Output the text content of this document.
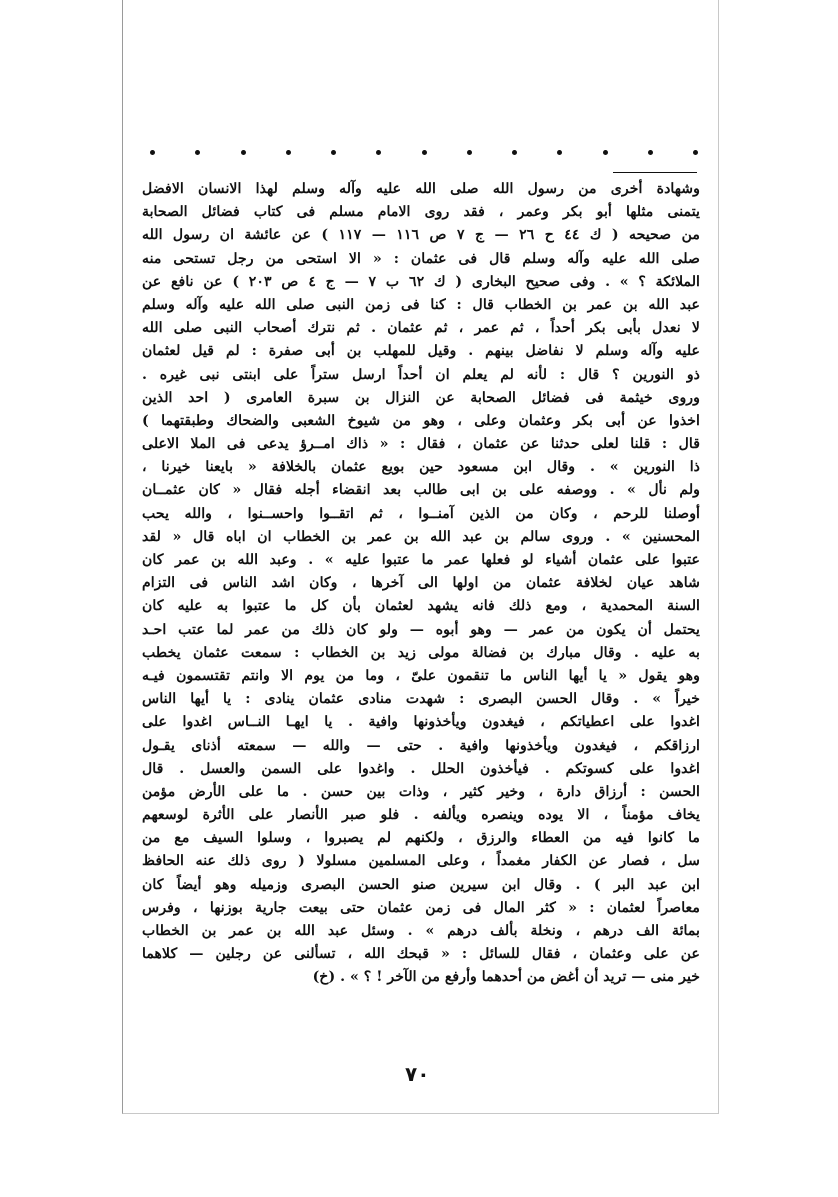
وشهادة أخرى من رسول الله صلى الله عليه وآله وسلم لهذا الانسان الافضل
يتمنى مثلها أبو بكر وعمر ، فقد روى الامام مسلم فى كتاب فضائل الصحابة
من صحيحه ( ك ٤٤ ح ٢٦ — ج ٧ ص ١١٦ — ١١٧ ) عن عائشة ان رسول الله
صلى الله عليه وآله وسلم قال فى عثمان : « الا استحى من رجل تستحى منه
الملائكة ؟ » . وفى صحيح البخارى ( ك ٦٢ ب ٧ — ج ٤ ص ٢٠٣ ) عن نافع عن
عبد الله بن عمر بن الخطاب قال : كنا فى زمن النبى صلى الله عليه وآله وسلم
لا نعدل بأبى بكر أحداً ، ثم عمر ، ثم عثمان . ثم نترك أصحاب النبى صلى الله
عليه وآله وسلم لا نفاضل بينهم . وقيل للمهلب بن أبى صفرة : لم قيل لعثمان
ذو النورين ؟ قال : لأنه لم يعلم ان أحداً ارسل ستراً على ابنتى نبى غيره .
وروى خيثمة فى فضائل الصحابة عن النزال بن سبرة العامرى ( احد الذين
اخذوا عن أبى بكر وعثمان وعلى ، وهو من شيوخ الشعبى والضحاك وطبقتهما )
قال : قلنا لعلى حدثنا عن عثمان ، فقال : « ذاك امــرؤ يدعى فى الملا الاعلى
ذا النورين » . وقال ابن مسعود حين بويع عثمان بالخلافة « بايعنا خيرنا ،
ولم نأل » . ووصفه على بن ابى طالب بعد انقضاء أجله فقال « كان عثمــان
أوصلنا للرحم ، وكان من الذين آمنــوا ، ثم اتقــوا واحســنوا ، والله يحب
المحسنين » . وروى سالم بن عبد الله بن عمر بن الخطاب ان اباه قال « لقد
عتبوا على عثمان أشياء لو فعلها عمر ما عتبوا عليه » . وعبد الله بن عمر كان
شاهد عيان لخلافة عثمان من اولها الى آخرها ، وكان اشد الناس فى التزام
السنة المحمدية ، ومع ذلك فانه يشهد لعثمان بأن كل ما عتبوا به عليه كان
يحتمل أن يكون من عمر — وهو أبوه — ولو كان ذلك من عمر لما عتب احـد
به عليه . وقال مبارك بن فضالة مولى زيد بن الخطاب : سمعت عثمان يخطب
وهو يقول « يا أيها الناس ما تنقمون علىّ ، وما من يوم الا وانتم تقتسمون فيـه
خيراً » . وقال الحسن البصرى : شهدت منادى عثمان ينادى : يا أيها الناس
اغدوا على اعطياتكم ، فيغدون ويأخذونها وافية . يا ايهـا النــاس اغدوا على
ارزاقكم ، فيغدون ويأخذونها وافية . حتى — والله — سمعته أذناى يقـول
اغدوا على كسوتكم . فيأخذون الحلل . واغدوا على السمن والعسل . قال
الحسن : أرزاق دارة ، وخير كثير ، وذات بين حسن . ما على الأرض مؤمن
يخاف مؤمناً ، الا يوده وينصره ويألفه . فلو صبر الأنصار على الأثرة لوسعهم
ما كانوا فيه من العطاء والرزق ، ولكنهم لم يصبروا ، وسلوا السيف مع من
سل ، فصار عن الكفار مغمداً ، وعلى المسلمين مسلولا ( روى ذلك عنه الحافظ
ابن عبد البر ) . وقال ابن سيرين صنو الحسن البصرى وزميله وهو أيضاً كان
معاصراً لعثمان : « كثر المال فى زمن عثمان حتى بيعت جارية بوزنها ، وفرس
بمائة الف درهم ، ونخلة بألف درهم » . وسئل عبد الله بن عمر بن الخطاب
عن على وعثمان ، فقال للسائل : « قبحك الله ، تسألنى عن رجلين — كلاهما
خير منى — تريد أن أغض من أحدهما وأرفع من الآخر ! ؟ » . (خ)
٧٠
